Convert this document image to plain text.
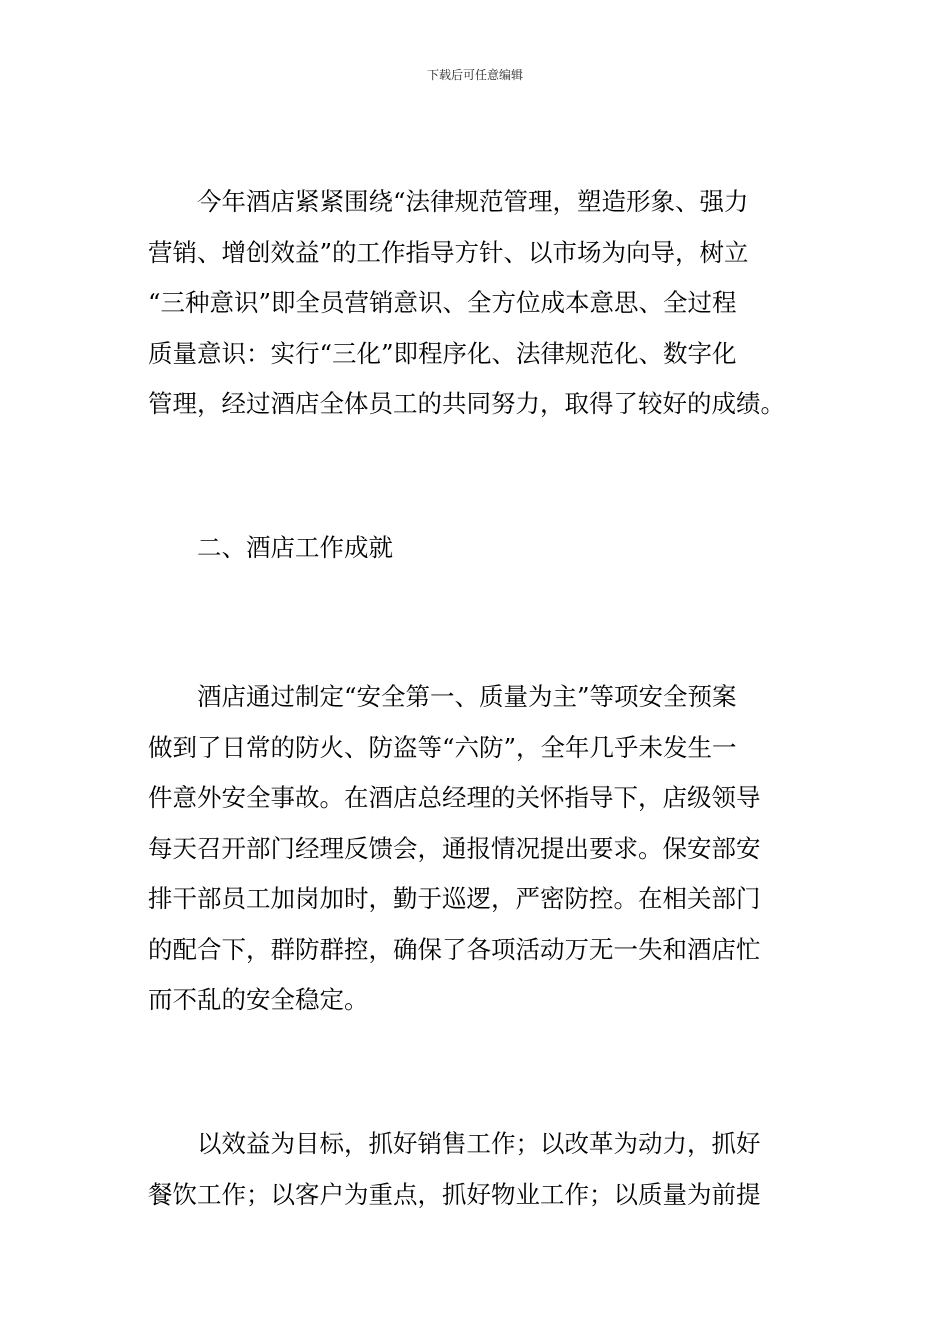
下载后可任意编辑
今年酒店紧紧围绕“法律规范管理，塑造形象、强力
营销、增创效益”的工作指导方针、以市场为向导，树立
“三种意识”即全员营销意识、全方位成本意思、全过程
质量意识：实行“三化”即程序化、法律规范化、数字化
管理，经过酒店全体员工的共同努力，取得了较好的成绩。
二、酒店工作成就
酒店通过制定“安全第一、质量为主”等项安全预案
做到了日常的防火、防盗等“六防”，全年几乎未发生一
件意外安全事故。在酒店总经理的关怀指导下，店级领导
每天召开部门经理反馈会，通报情况提出要求。保安部安
排干部员工加岗加时，勤于巡逻，严密防控。在相关部门
的配合下，群防群控，确保了各项活动万无一失和酒店忙
而不乱的安全稳定。
以效益为目标，抓好销售工作；以改革为动力，抓好
餐饮工作；以客户为重点，抓好物业工作；以质量为前提
